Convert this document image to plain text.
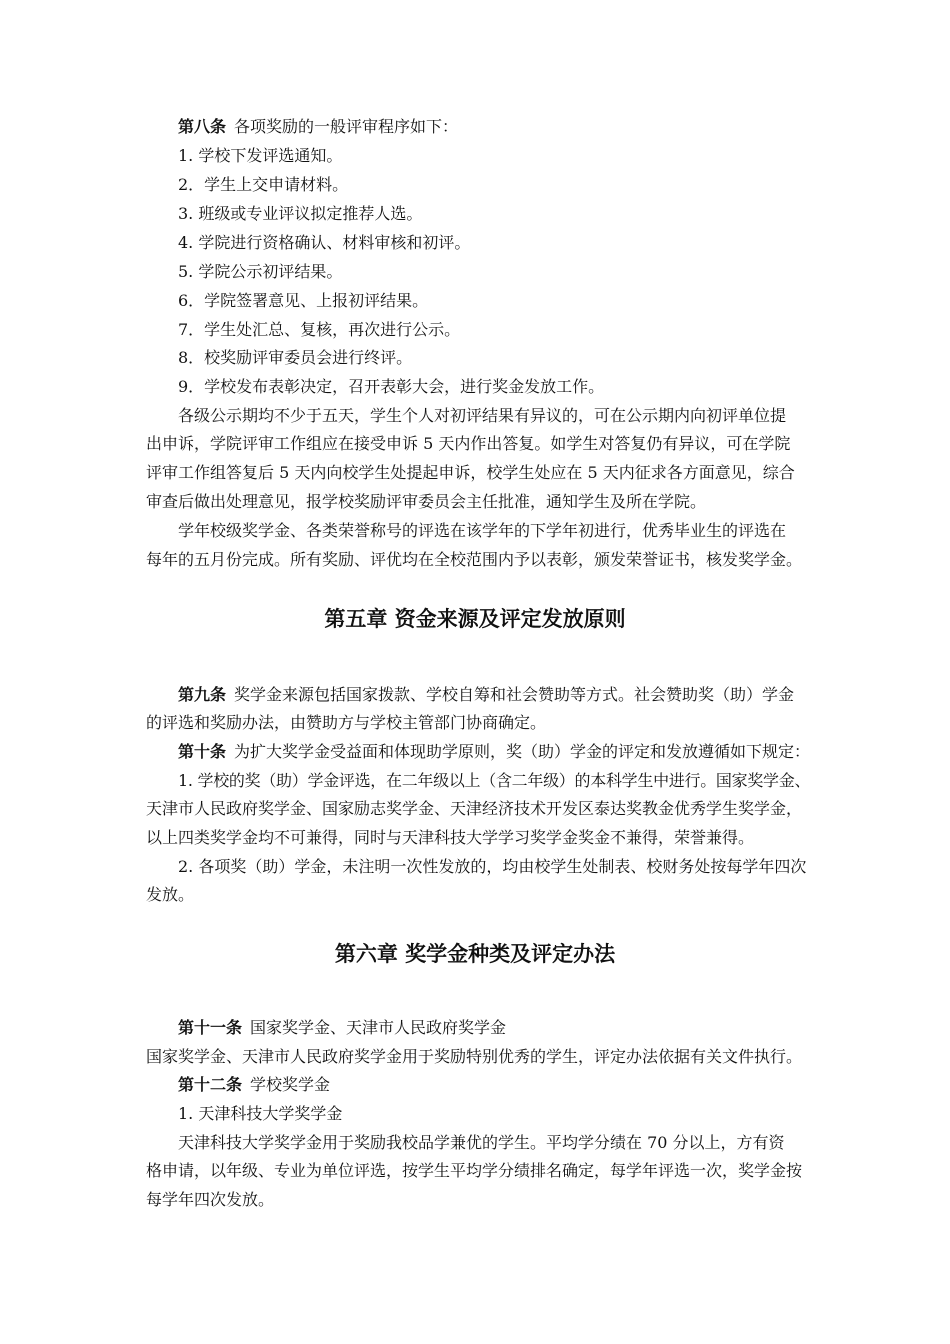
第八条 各项奖励的一般评审程序如下：
1. 学校下发评选通知。
2．学生上交申请材料。
3. 班级或专业评议拟定推荐人选。
4. 学院进行资格确认、材料审核和初评。
5. 学院公示初评结果。
6．学院签署意见、上报初评结果。
7．学生处汇总、复核，再次进行公示。
8．校奖励评审委员会进行终评。
9．学校发布表彰决定，召开表彰大会，进行奖金发放工作。
各级公示期均不少于五天，学生个人对初评结果有异议的，可在公示期内向初评单位提
出申诉，学院评审工作组应在接受申诉 5 天内作出答复。如学生对答复仍有异议，可在学院
评审工作组答复后 5 天内向校学生处提起申诉，校学生处应在 5 天内征求各方面意见，综合
审查后做出处理意见，报学校奖励评审委员会主任批准，通知学生及所在学院。
学年校级奖学金、各类荣誉称号的评选在该学年的下学年初进行，优秀毕业生的评选在
每年的五月份完成。所有奖励、评优均在全校范围内予以表彰，颁发荣誉证书，核发奖学金。
第五章 资金来源及评定发放原则
第九条 奖学金来源包括国家拨款、学校自筹和社会赞助等方式。社会赞助奖（助）学金
的评选和奖励办法，由赞助方与学校主管部门协商确定。
第十条 为扩大奖学金受益面和体现助学原则，奖（助）学金的评定和发放遵循如下规定：
1. 学校的奖（助）学金评选，在二年级以上（含二年级）的本科学生中进行。国家奖学金、
天津市人民政府奖学金、国家励志奖学金、天津经济技术开发区泰达奖教金优秀学生奖学金，
以上四类奖学金均不可兼得，同时与天津科技大学学习奖学金奖金不兼得，荣誉兼得。
2. 各项奖（助）学金，未注明一次性发放的，均由校学生处制表、校财务处按每学年四次
发放。
第六章 奖学金种类及评定办法
第十一条 国家奖学金、天津市人民政府奖学金
国家奖学金、天津市人民政府奖学金用于奖励特别优秀的学生，评定办法依据有关文件执行。
第十二条 学校奖学金
1. 天津科技大学奖学金
天津科技大学奖学金用于奖励我校品学兼优的学生。平均学分绩在 70 分以上，方有资
格申请，以年级、专业为单位评选，按学生平均学分绩排名确定，每学年评选一次，奖学金按
每学年四次发放。
